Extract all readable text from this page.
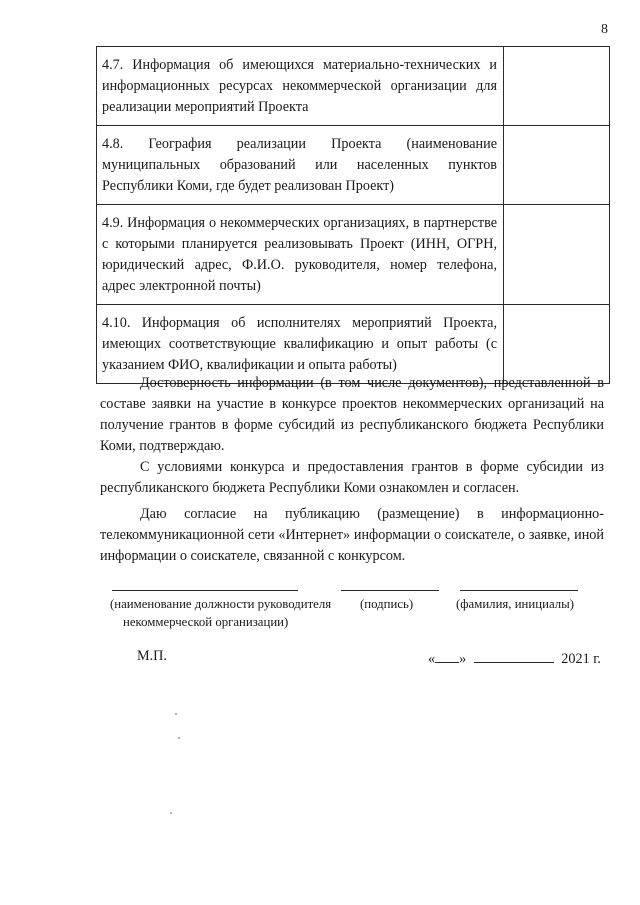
8
4.7. Информация об имеющихся материально-технических и информационных ресурсах некоммерческой организации для реализации мероприятий Проекта
4.8. География реализации Проекта (наименование муниципальных образований или населенных пунктов Республики Коми, где будет реализован Проект)
4.9. Информация о некоммерческих организациях, в партнерстве с которыми планируется реализовывать Проект (ИНН, ОГРН, юридический адрес, Ф.И.О. руководителя, номер телефона, адрес электронной почты)
4.10. Информация об исполнителях мероприятий Проекта, имеющих соответствующие квалификацию и опыт работы (с указанием ФИО, квалификации и опыта работы)

Достоверность информации (в том числе документов), представленной в составе заявки на участие в конкурсе проектов некоммерческих организаций на получение грантов в форме субсидий из республиканского бюджета Республики Коми, подтверждаю.

С условиями конкурса и предоставления грантов в форме субсидии из республиканского бюджета Республики Коми ознакомлен и согласен.

Даю согласие на публикацию (размещение) в информационно-телекоммуникационной сети «Интернет» информации о соискателе, о заявке, иной информации о соискателе, связанной с конкурсом.

(наименование должности руководителя
некоммерческой организации)
(подпись)	(фамилия, инициалы)
М.П.	« »	2021 г.
